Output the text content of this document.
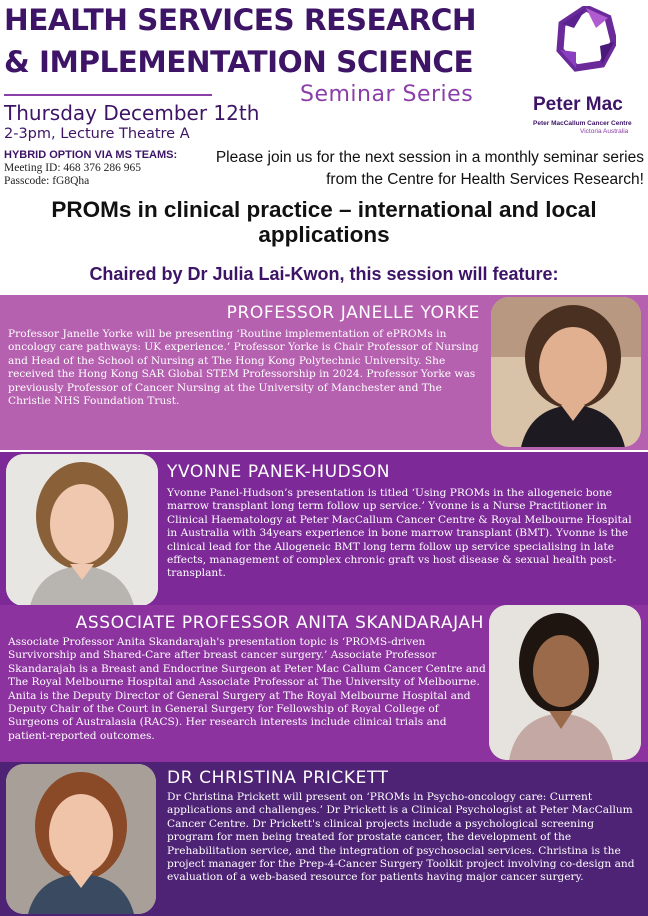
HEALTH SERVICES RESEARCH
& IMPLEMENTATION SCIENCE
Seminar Series	Peter Mac
Peter MacCallum Cancer Centre
Victoria Australia
Thursday December 12th
2-3pm, Lecture Theatre A
HYBRID OPTION VIA MS TEAMS:
Meeting ID: 468 376 286 965
Passcode: fG8Qha
Please join us for the next session in a monthly seminar series from the Centre for Health Services Research!
PROMs in clinical practice – international and local applications
Chaired by Dr Julia Lai-Kwon, this session will feature:
PROFESSOR JANELLE YORKE
Professor Janelle Yorke will be presenting ‘Routine implementation of ePROMs in oncology care pathways: UK experience.’ Professor Yorke is Chair Professor of Nursing and Head of the School of Nursing at The Hong Kong Polytechnic University. She received the Hong Kong SAR Global STEM Professorship in 2024. Professor Yorke was previously Professor of Cancer Nursing at the University of Manchester and The Christie NHS Foundation Trust.
YVONNE PANEK-HUDSON
Yvonne Panel-Hudson’s presentation is titled ‘Using PROMs in the allogeneic bone marrow transplant long term follow up service.’ Yvonne is a Nurse Practitioner in Clinical Haematology at Peter MacCallum Cancer Centre & Royal Melbourne Hospital in Australia with 34years experience in bone marrow transplant (BMT). Yvonne is the clinical lead for the Allogeneic BMT long term follow up service specialising in late effects, management of complex chronic graft vs host disease & sexual health post-transplant.
ASSOCIATE PROFESSOR ANITA SKANDARAJAH
Associate Professor Anita Skandarajah's presentation topic is ‘PROMS-driven Survivorship and Shared-Care after breast cancer surgery.’ Associate Professor Skandarajah is a Breast and Endocrine Surgeon at Peter Mac Callum Cancer Centre and The Royal Melbourne Hospital and Associate Professor at The University of Melbourne. Anita is the Deputy Director of General Surgery at The Royal Melbourne Hospital and Deputy Chair of the Court in General Surgery for Fellowship of Royal College of Surgeons of Australasia (RACS). Her research interests include clinical trials and patient-reported outcomes.
DR CHRISTINA PRICKETT
Dr Christina Prickett will present on ‘PROMs in Psycho-oncology care: Current applications and challenges.’ Dr Prickett is a Clinical Psychologist at Peter MacCallum Cancer Centre. Dr Prickett's clinical projects include a psychological screening program for men being treated for prostate cancer, the development of the Prehabilitation service, and the integration of psychosocial services. Christina is the project manager for the Prep-4-Cancer Surgery Toolkit project involving co-design and evaluation of a web-based resource for patients having major cancer surgery.
